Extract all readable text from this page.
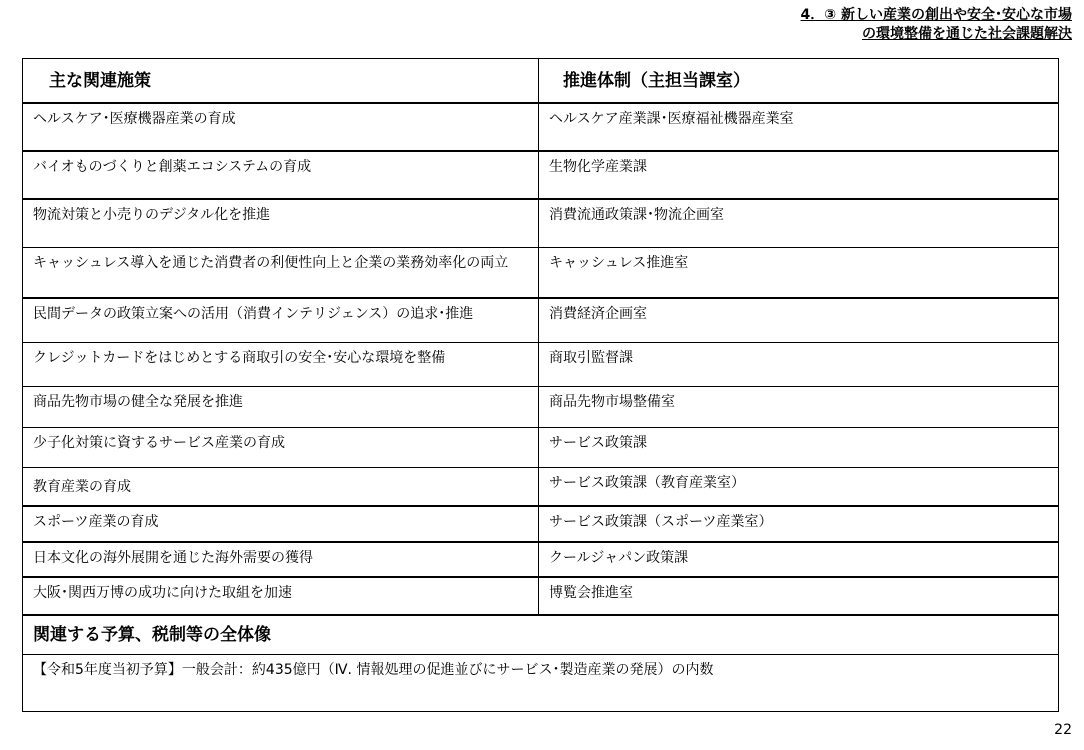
4．③ 新しい産業の創出や安全･安心な市場
の環境整備を通じた社会課題解決
主な関連施策	推進体制（主担当課室）
ヘルスケア･医療機器産業の育成	ヘルスケア産業課･医療福祉機器産業室
バイオものづくりと創薬エコシステムの育成	生物化学産業課
物流対策と小売りのデジタル化を推進	消費流通政策課･物流企画室
キャッシュレス導入を通じた消費者の利便性向上と企業の業務効率化の両立	キャッシュレス推進室
民間データの政策立案への活用（消費インテリジェンス）の追求･推進	消費経済企画室
クレジットカードをはじめとする商取引の安全･安心な環境を整備	商取引監督課
商品先物市場の健全な発展を推進	商品先物市場整備室
少子化対策に資するサービス産業の育成	サービス政策課
教育産業の育成	サービス政策課（教育産業室）
スポーツ産業の育成	サービス政策課（スポーツ産業室）
日本文化の海外展開を通じた海外需要の獲得	クールジャパン政策課
大阪･関西万博の成功に向けた取組を加速	博覧会推進室
関連する予算、税制等の全体像	
【令和5年度当初予算】一般会計：約435億円（Ⅳ. 情報処理の促進並びにサービス･製造産業の発展）の内数	
22
